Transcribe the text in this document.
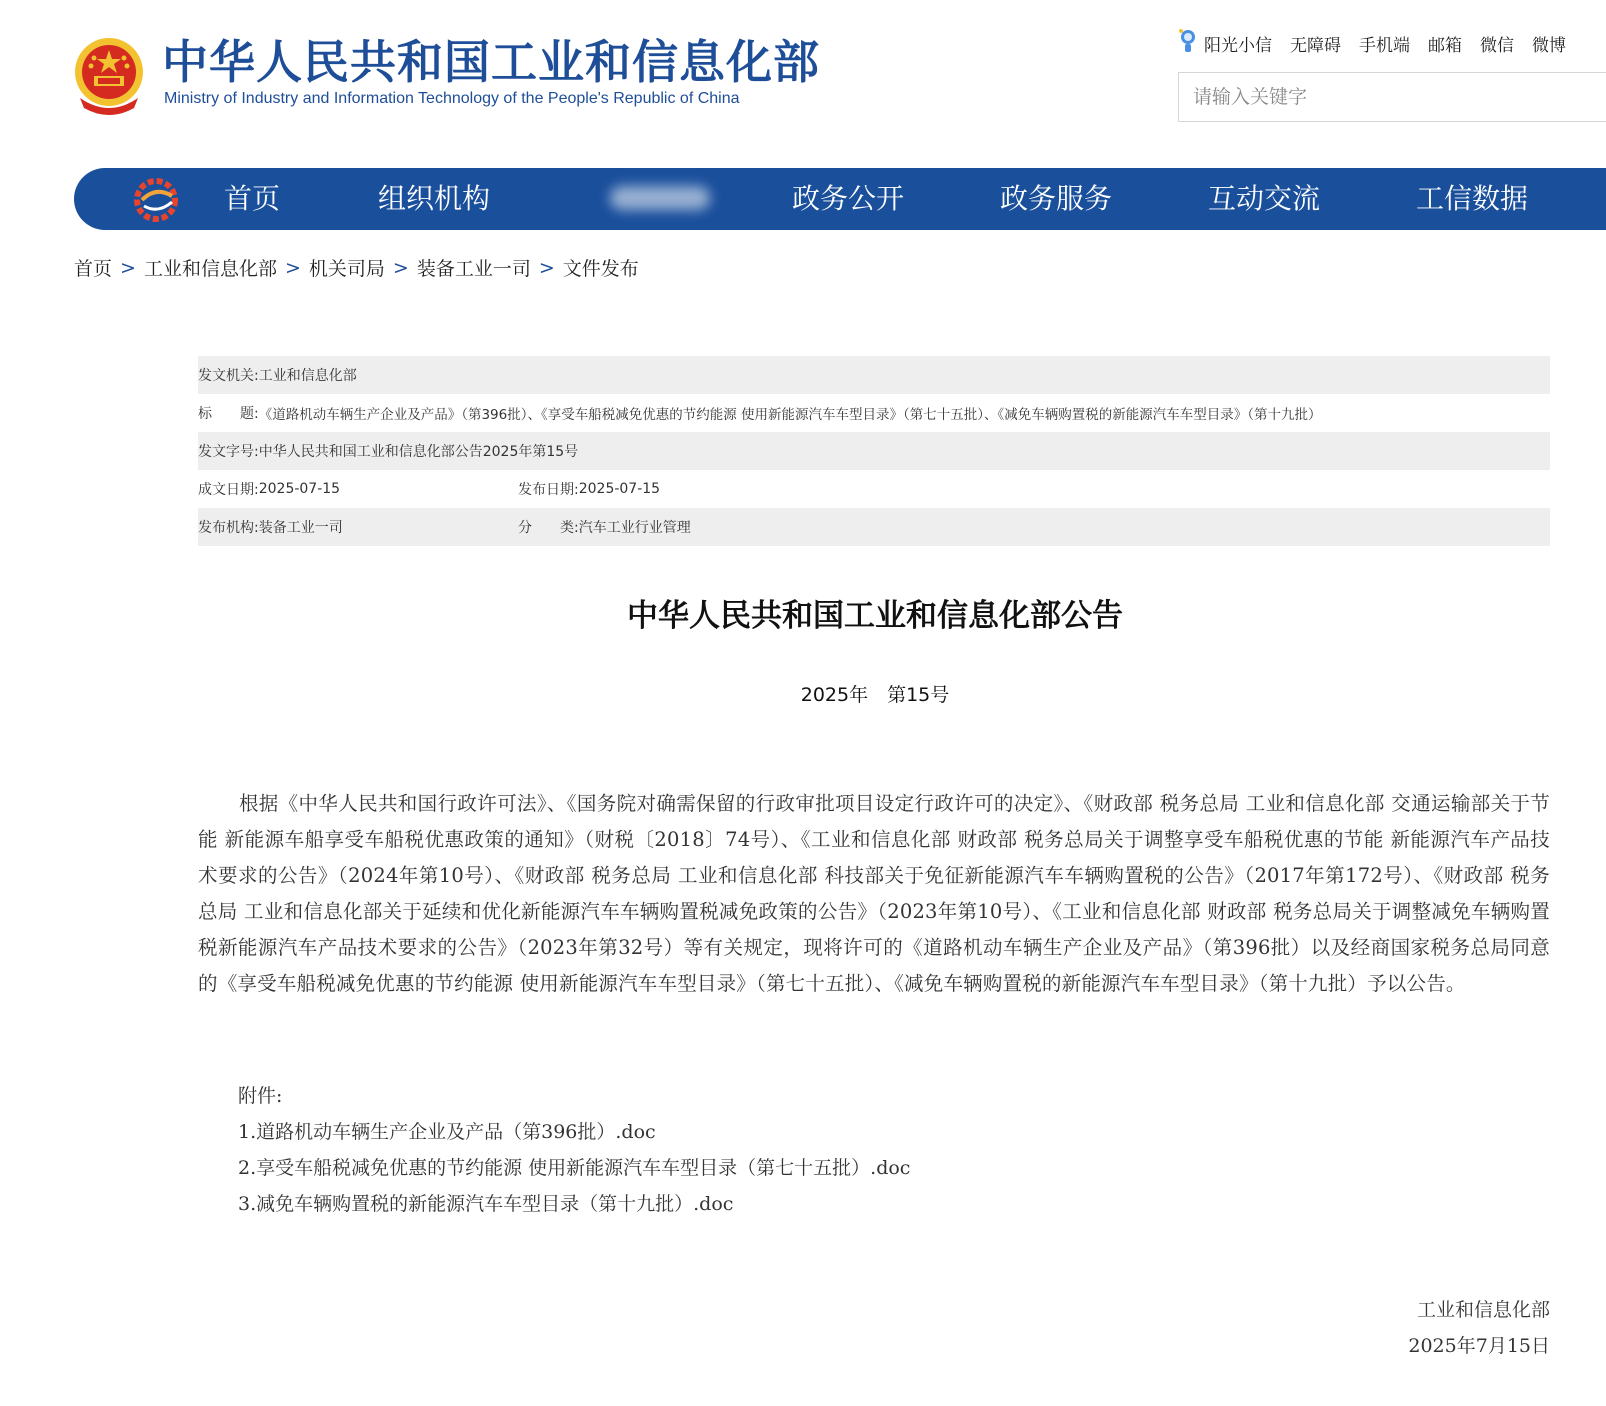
中华人民共和国工业和信息化部
Ministry of Industry and Information Technology of the People's Republic of China
阳光小信 无障碍 手机端 邮箱 微信 微博
请输入关键字
首页	组织机构	政务公开	政务服务	互动交流	工信数据
首页 > 工业和信息化部 > 机关司局 > 装备工业一司 > 文件发布
发文机关: 工业和信息化部
标　　题: 《道路机动车辆生产企业及产品》（第396批）、《享受车船税减免优惠的节约能源 使用新能源汽车车型目录》（第七十五批）、《减免车辆购置税的新能源汽车车型目录》（第十九批）
发文字号: 中华人民共和国工业和信息化部公告2025年第15号
成文日期: 2025-07-15	发布日期: 2025-07-15
发布机构: 装备工业一司	分　　类: 汽车工业行业管理
中华人民共和国工业和信息化部公告
2025年　第15号
根据《中华人民共和国行政许可法》、《国务院对确需保留的行政审批项目设定行政许可的决定》、《财政部 税务总局 工业和信息化部 交通运输部关于节能 新能源车船享受车船税优惠政策的通知》（财税〔2018〕74号）、《工业和信息化部 财政部 税务总局关于调整享受车船税优惠的节能 新能源汽车产品技术要求的公告》（2024年第10号）、《财政部 税务总局 工业和信息化部 科技部关于免征新能源汽车车辆购置税的公告》（2017年第172号）、《财政部 税务总局 工业和信息化部关于延续和优化新能源汽车车辆购置税减免政策的公告》（2023年第10号）、《工业和信息化部 财政部 税务总局关于调整减免车辆购置税新能源汽车产品技术要求的公告》（2023年第32号）等有关规定，现将许可的《道路机动车辆生产企业及产品》（第396批）以及经商国家税务总局同意的《享受车船税减免优惠的节约能源 使用新能源汽车车型目录》（第七十五批）、《减免车辆购置税的新能源汽车车型目录》（第十九批）予以公告。
附件:
1.道路机动车辆生产企业及产品（第396批）.doc
2.享受车船税减免优惠的节约能源 使用新能源汽车车型目录（第七十五批）.doc
3.减免车辆购置税的新能源汽车车型目录（第十九批）.doc
工业和信息化部
2025年7月15日
